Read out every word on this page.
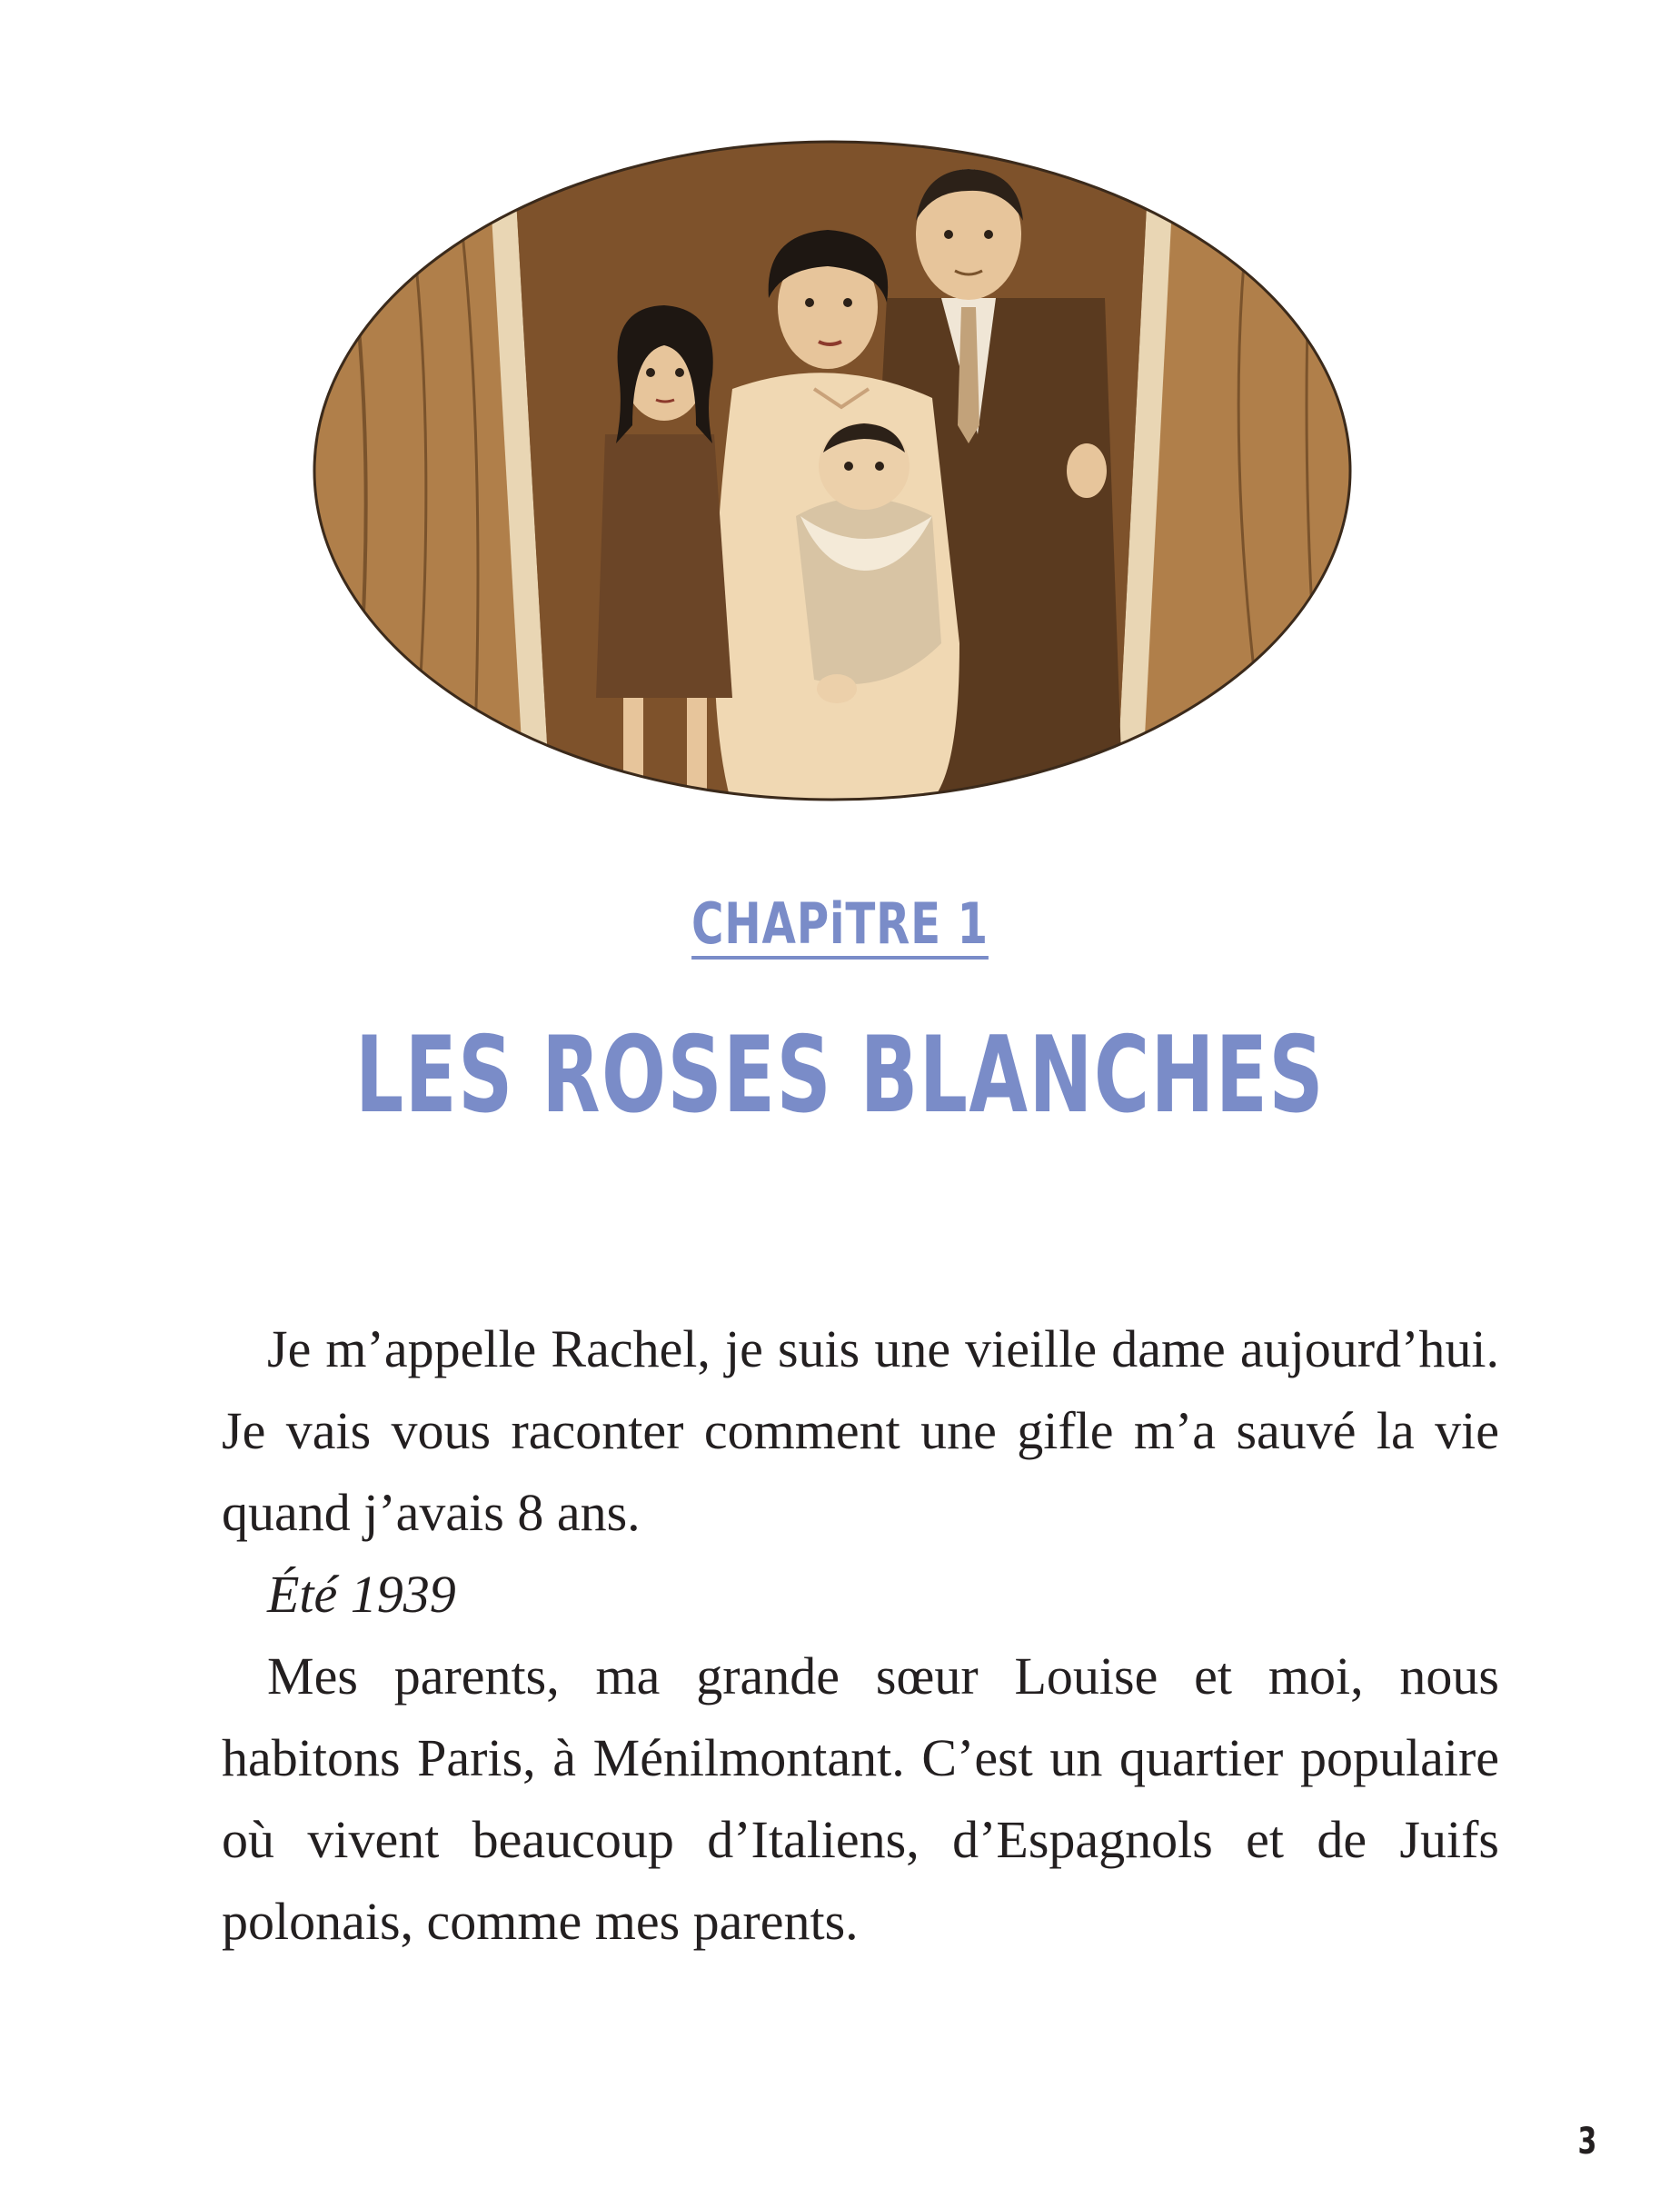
CHAPiTRE 1
LES ROSES BLANCHES

Je m’appelle Rachel, je suis une vieille dame aujourd’hui. Je vais vous raconter comment une gifle m’a sauvé la vie quand j’avais 8 ans.

Été 1939

Mes parents, ma grande sœur Louise et moi, nous habitons Paris, à Ménilmontant. C’est un quartier populaire où vivent beaucoup d’Italiens, d’Espagnols et de Juifs polonais, comme mes parents.

3
